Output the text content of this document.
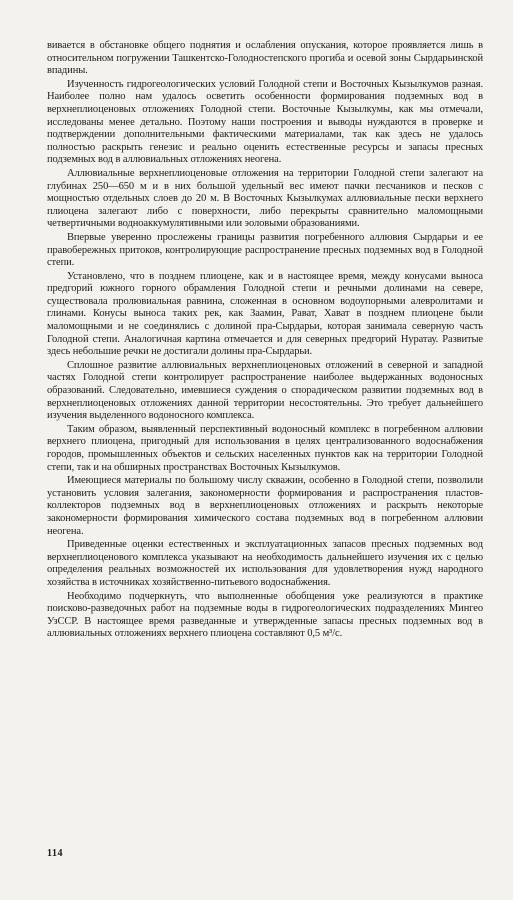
вивается в обстановке общего поднятия и ослабления опускания, которое проявляется лишь в относительном погружении Ташкентско-Голодностепского прогиба и осевой зоны Сырдарьинской впадины.

Изученность гидрогеологических условий Голодной степи и Восточных Кызылкумов разная. Наиболее полно нам удалось осветить особенности формирования подземных вод в верхнеплиоценовых отложениях Голодной степи. Восточные Кызылкумы, как мы отмечали, исследованы менее детально. Поэтому наши построения и выводы нуждаются в проверке и подтверждении дополнительными фактическими материалами, так как здесь не удалось полностью раскрыть генезис и реально оценить естественные ресурсы и запасы пресных подземных вод в аллювиальных отложениях неогена.

Аллювиальные верхнеплиоценовые отложения на территории Голодной степи залегают на глубинах 250—650 м и в них большой удельный вес имеют пачки песчаников и песков с мощностью отдельных слоев до 20 м. В Восточных Кызылкумах аллювиальные пески верхнего плиоцена залегают либо с поверхности, либо перекрыты сравнительно маломощными четвертичными водноаккумулятивными или эоловыми образованиями.

Впервые уверенно прослежены границы развития погребенного аллювия Сырдарьи и ее правобережных притоков, контролирующие распространение пресных подземных вод в Голодной степи.

Установлено, что в позднем плиоцене, как и в настоящее время, между конусами выноса предгорий южного горного обрамления Голодной степи и речными долинами на севере, существовала пролювиальная равнина, сложенная в основном водоупорными алевролитами и глинами. Конусы выноса таких рек, как Заамин, Рават, Хават в позднем плиоцене были маломощными и не соединялись с долиной пра-Сырдарьи, которая занимала северную часть Голодной степи. Аналогичная картина отмечается и для северных предгорий Нуратау. Развитые здесь небольшие речки не достигали долины пра-Сырдарьи.

Сплошное развитие аллювиальных верхнеплиоценовых отложений в северной и западной частях Голодной степи контролирует распространение наиболее выдержанных водоносных образований. Следовательно, имевшиеся суждения о спорадическом развитии подземных вод в верхнеплиоценовых отложениях данной территории несостоятельны. Это требует дальнейшего изучения выделенного водоносного комплекса.

Таким образом, выявленный перспективный водоносный комплекс в погребенном аллювии верхнего плиоцена, пригодный для использования в целях централизованного водоснабжения городов, промышленных объектов и сельских населенных пунктов как на территории Голодной степи, так и на обширных пространствах Восточных Кызылкумов.

Имеющиеся материалы по большому числу скважин, особенно в Голодной степи, позволили установить условия залегания, закономерности формирования и распространения пластов-коллекторов подземных вод в верхнеплиоценовых отложениях и раскрыть некоторые закономерности формирования химического состава подземных вод в погребенном аллювии неогена.

Приведенные оценки естественных и эксплуатационных запасов пресных подземных вод верхнеплиоценового комплекса указывают на необходимость дальнейшего изучения их с целью определения реальных возможностей их использования для удовлетворения нужд народного хозяйства в источниках хозяйственно-питьевого водоснабжения.

Необходимо подчеркнуть, что выполненные обобщения уже реализуются в практике поисково-разведочных работ на подземные воды в гидрогеологических подразделениях Мингео УзССР. В настоящее время разведанные и утвержденные запасы пресных подземных вод в аллювиальных отложениях верхнего плиоцена составляют 0,5 м³/с.

114
